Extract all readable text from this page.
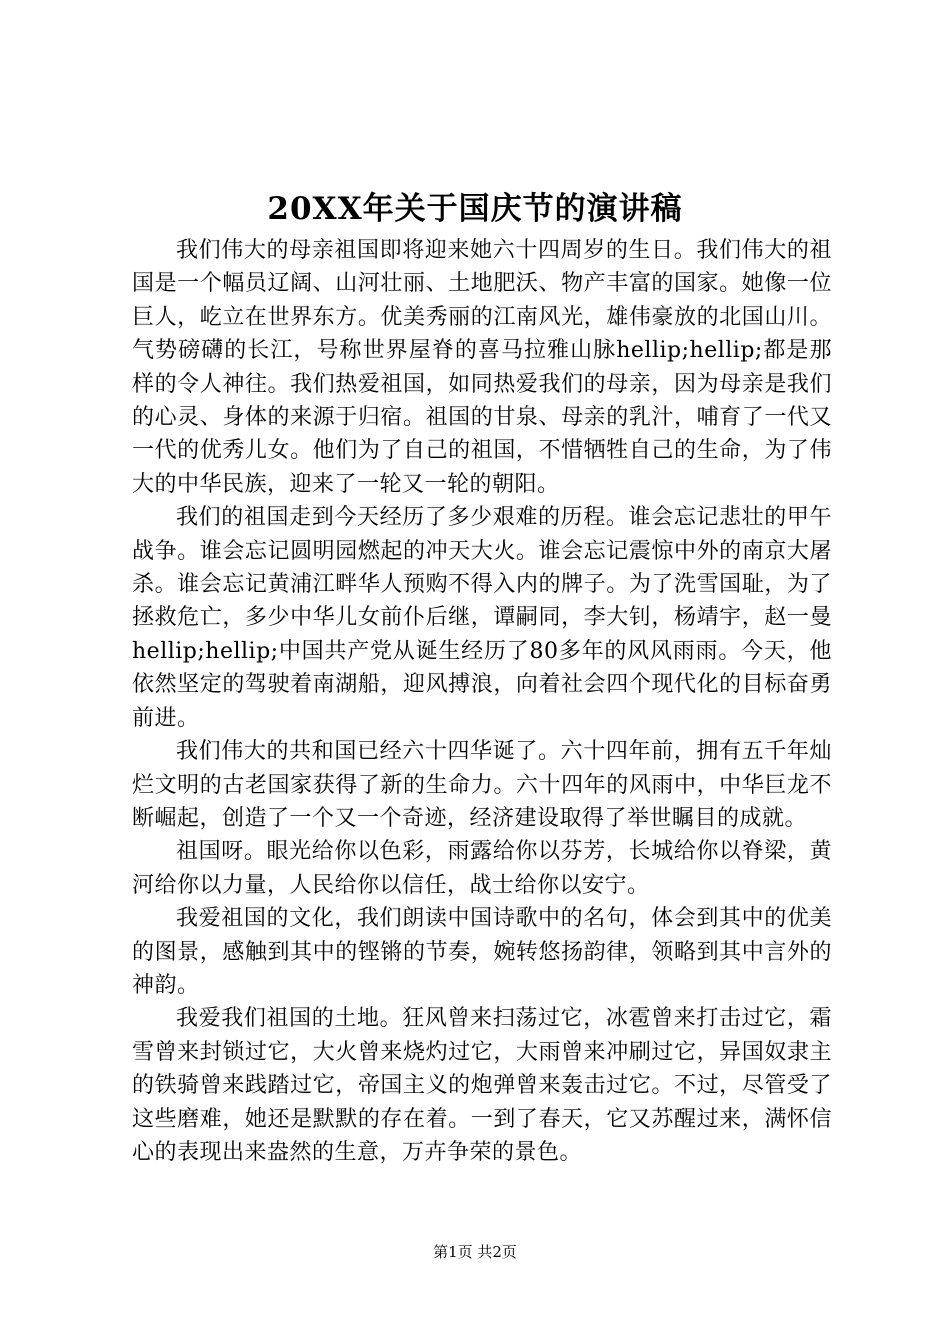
20XX年关于国庆节的演讲稿

我们伟大的母亲祖国即将迎来她六十四周岁的生日。我们伟大的祖国是一个幅员辽阔、山河壮丽、土地肥沃、物产丰富的国家。她像一位巨人，屹立在世界东方。优美秀丽的江南风光，雄伟豪放的北国山川。气势磅礴的长江，号称世界屋脊的喜马拉雅山脉hellip;hellip;都是那样的令人神往。我们热爱祖国，如同热爱我们的母亲，因为母亲是我们的心灵、身体的来源于归宿。祖国的甘泉、母亲的乳汁，哺育了一代又一代的优秀儿女。他们为了自己的祖国，不惜牺牲自己的生命，为了伟大的中华民族，迎来了一轮又一轮的朝阳。

我们的祖国走到今天经历了多少艰难的历程。谁会忘记悲壮的甲午战争。谁会忘记圆明园燃起的冲天大火。谁会忘记震惊中外的南京大屠杀。谁会忘记黄浦江畔华人预购不得入内的牌子。为了洗雪国耻，为了拯救危亡，多少中华儿女前仆后继，谭嗣同，李大钊，杨靖宇，赵一曼hellip;hellip;中国共产党从诞生经历了80多年的风风雨雨。今天，他依然坚定的驾驶着南湖船，迎风搏浪，向着社会四个现代化的目标奋勇前进。

我们伟大的共和国已经六十四华诞了。六十四年前，拥有五千年灿烂文明的古老国家获得了新的生命力。六十四年的风雨中，中华巨龙不断崛起，创造了一个又一个奇迹，经济建设取得了举世瞩目的成就。

祖国呀。眼光给你以色彩，雨露给你以芬芳，长城给你以脊梁，黄河给你以力量，人民给你以信任，战士给你以安宁。

我爱祖国的文化，我们朗读中国诗歌中的名句，体会到其中的优美的图景，感触到其中的铿锵的节奏，婉转悠扬韵律，领略到其中言外的神韵。

我爱我们祖国的土地。狂风曾来扫荡过它，冰雹曾来打击过它，霜雪曾来封锁过它，大火曾来烧灼过它，大雨曾来冲刷过它，异国奴隶主的铁骑曾来践踏过它，帝国主义的炮弹曾来轰击过它。不过，尽管受了这些磨难，她还是默默的存在着。一到了春天，它又苏醒过来，满怀信心的表现出来盎然的生意，万卉争荣的景色。

第1页 共2页
